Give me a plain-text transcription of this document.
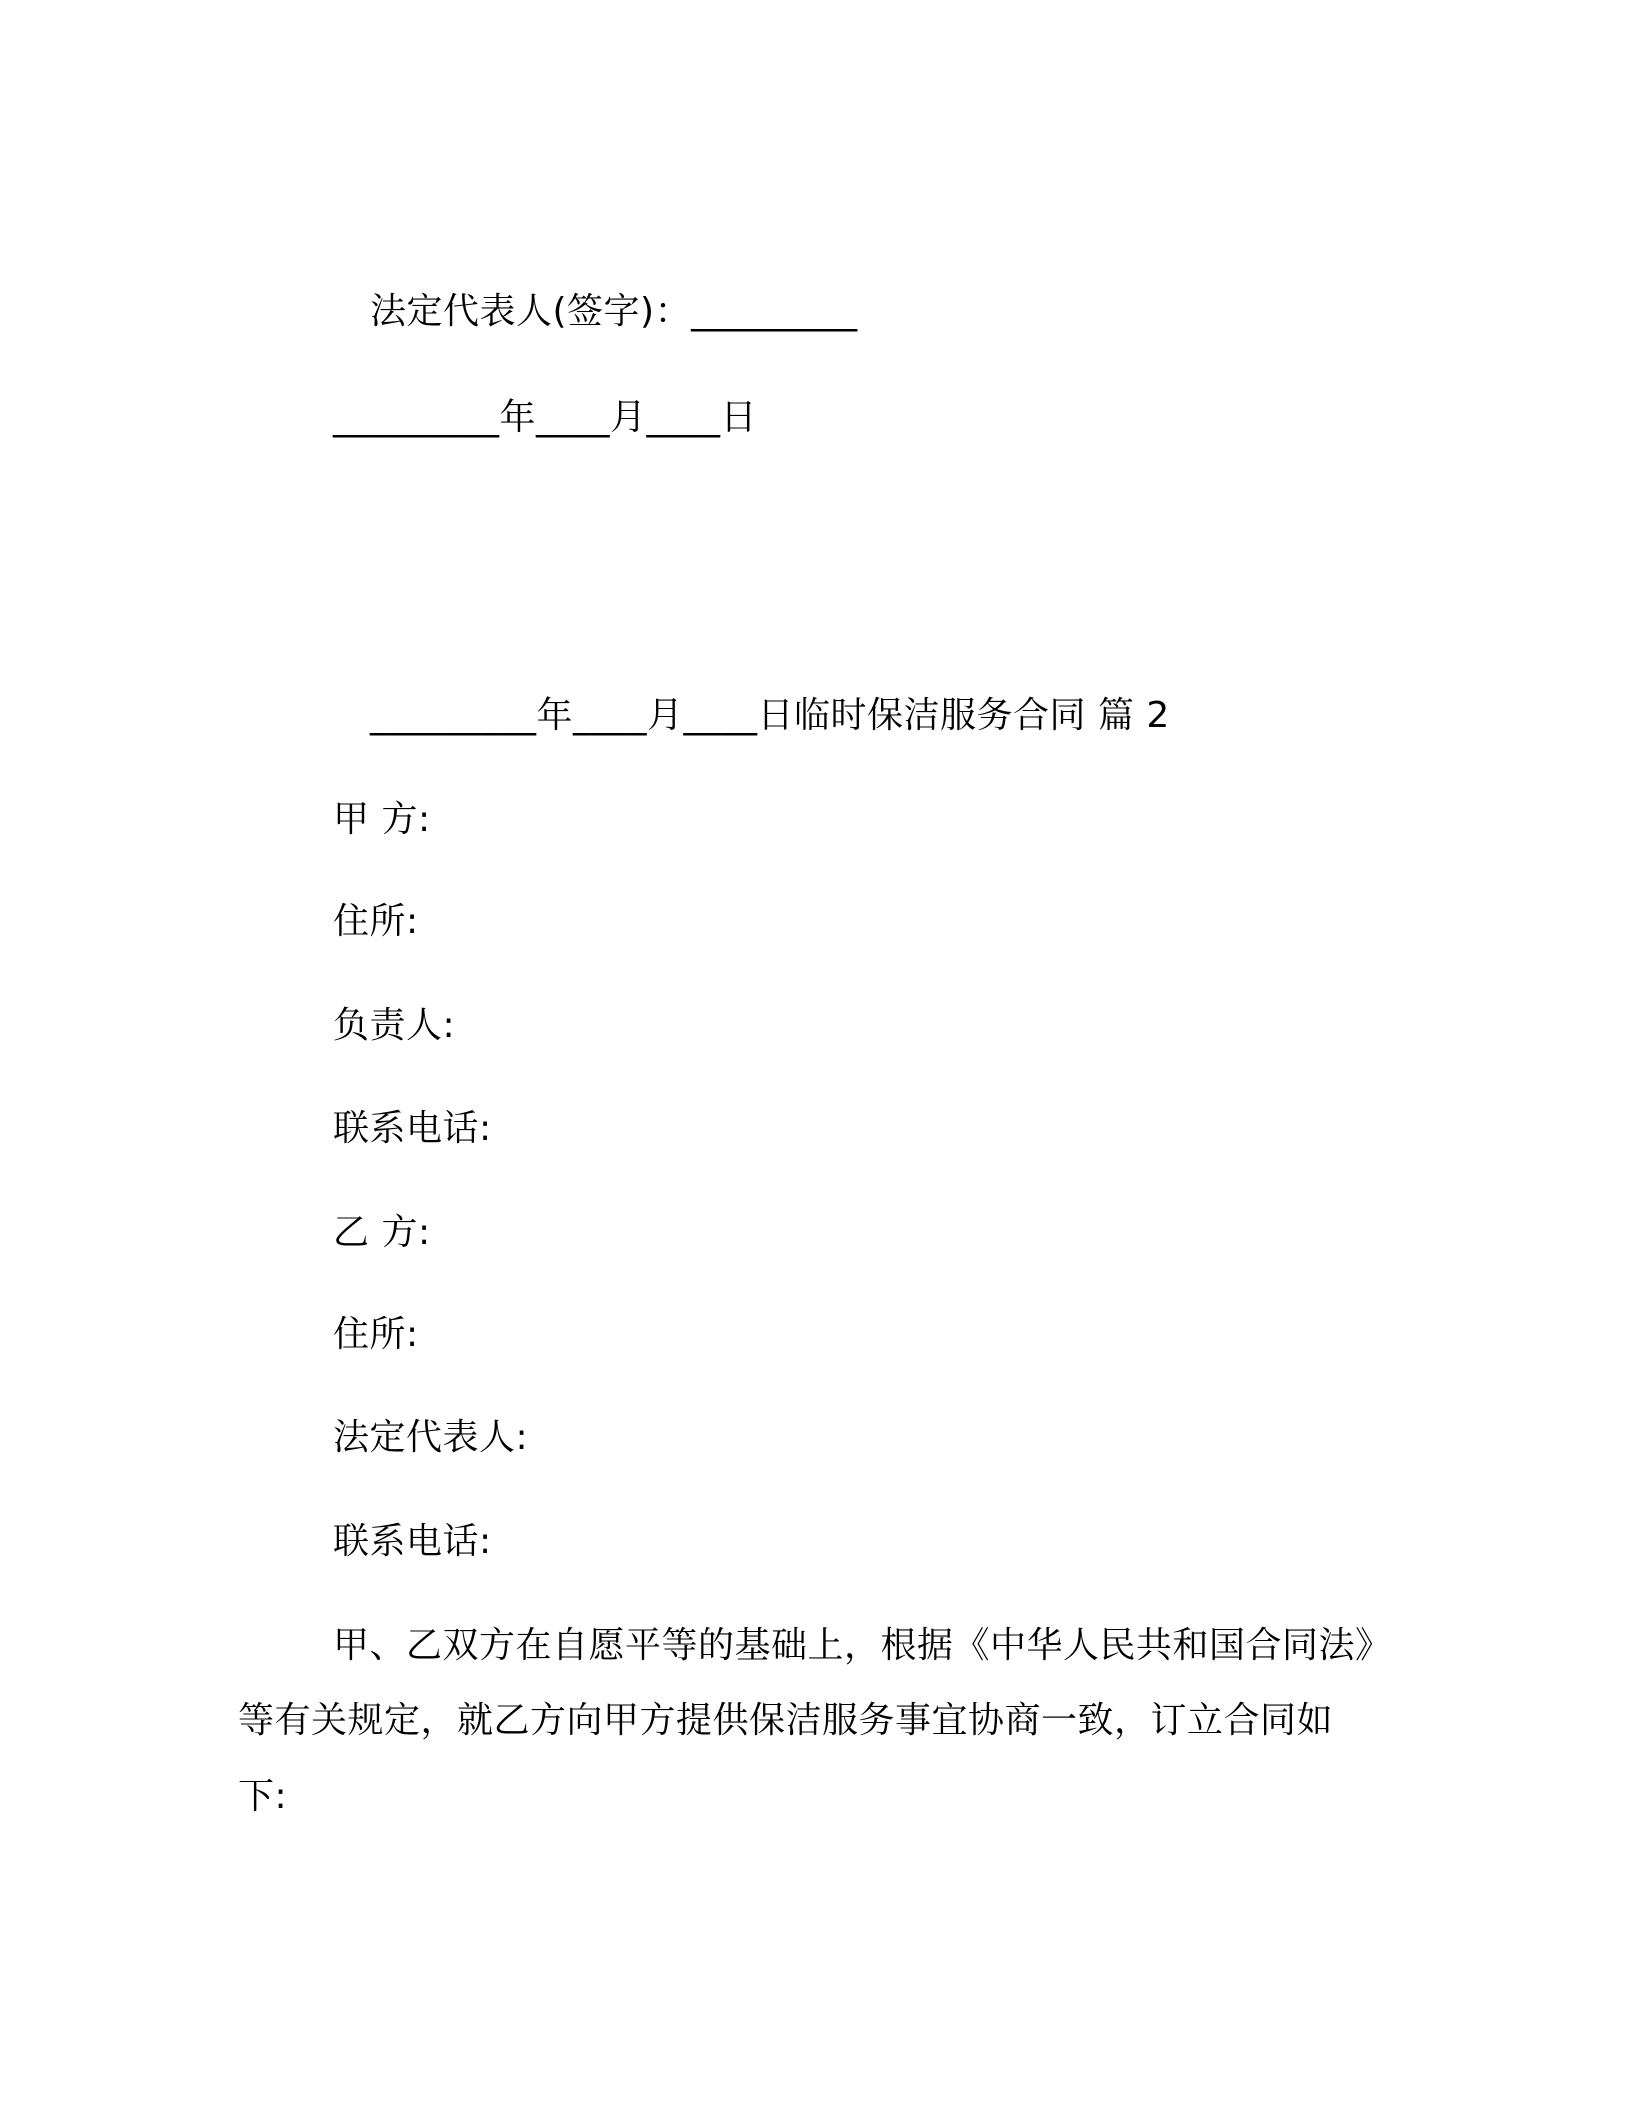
法定代表人(签字)：_________
_________年____月____日
_________年____月____日临时保洁服务合同 篇 2
甲 方:
住所:
负责人:
联系电话:
乙 方:
住所:
法定代表人:
联系电话:
甲、乙双方在自愿平等的基础上，根据《中华人民共和国合同法》
等有关规定，就乙方向甲方提供保洁服务事宜协商一致，订立合同如
下:
